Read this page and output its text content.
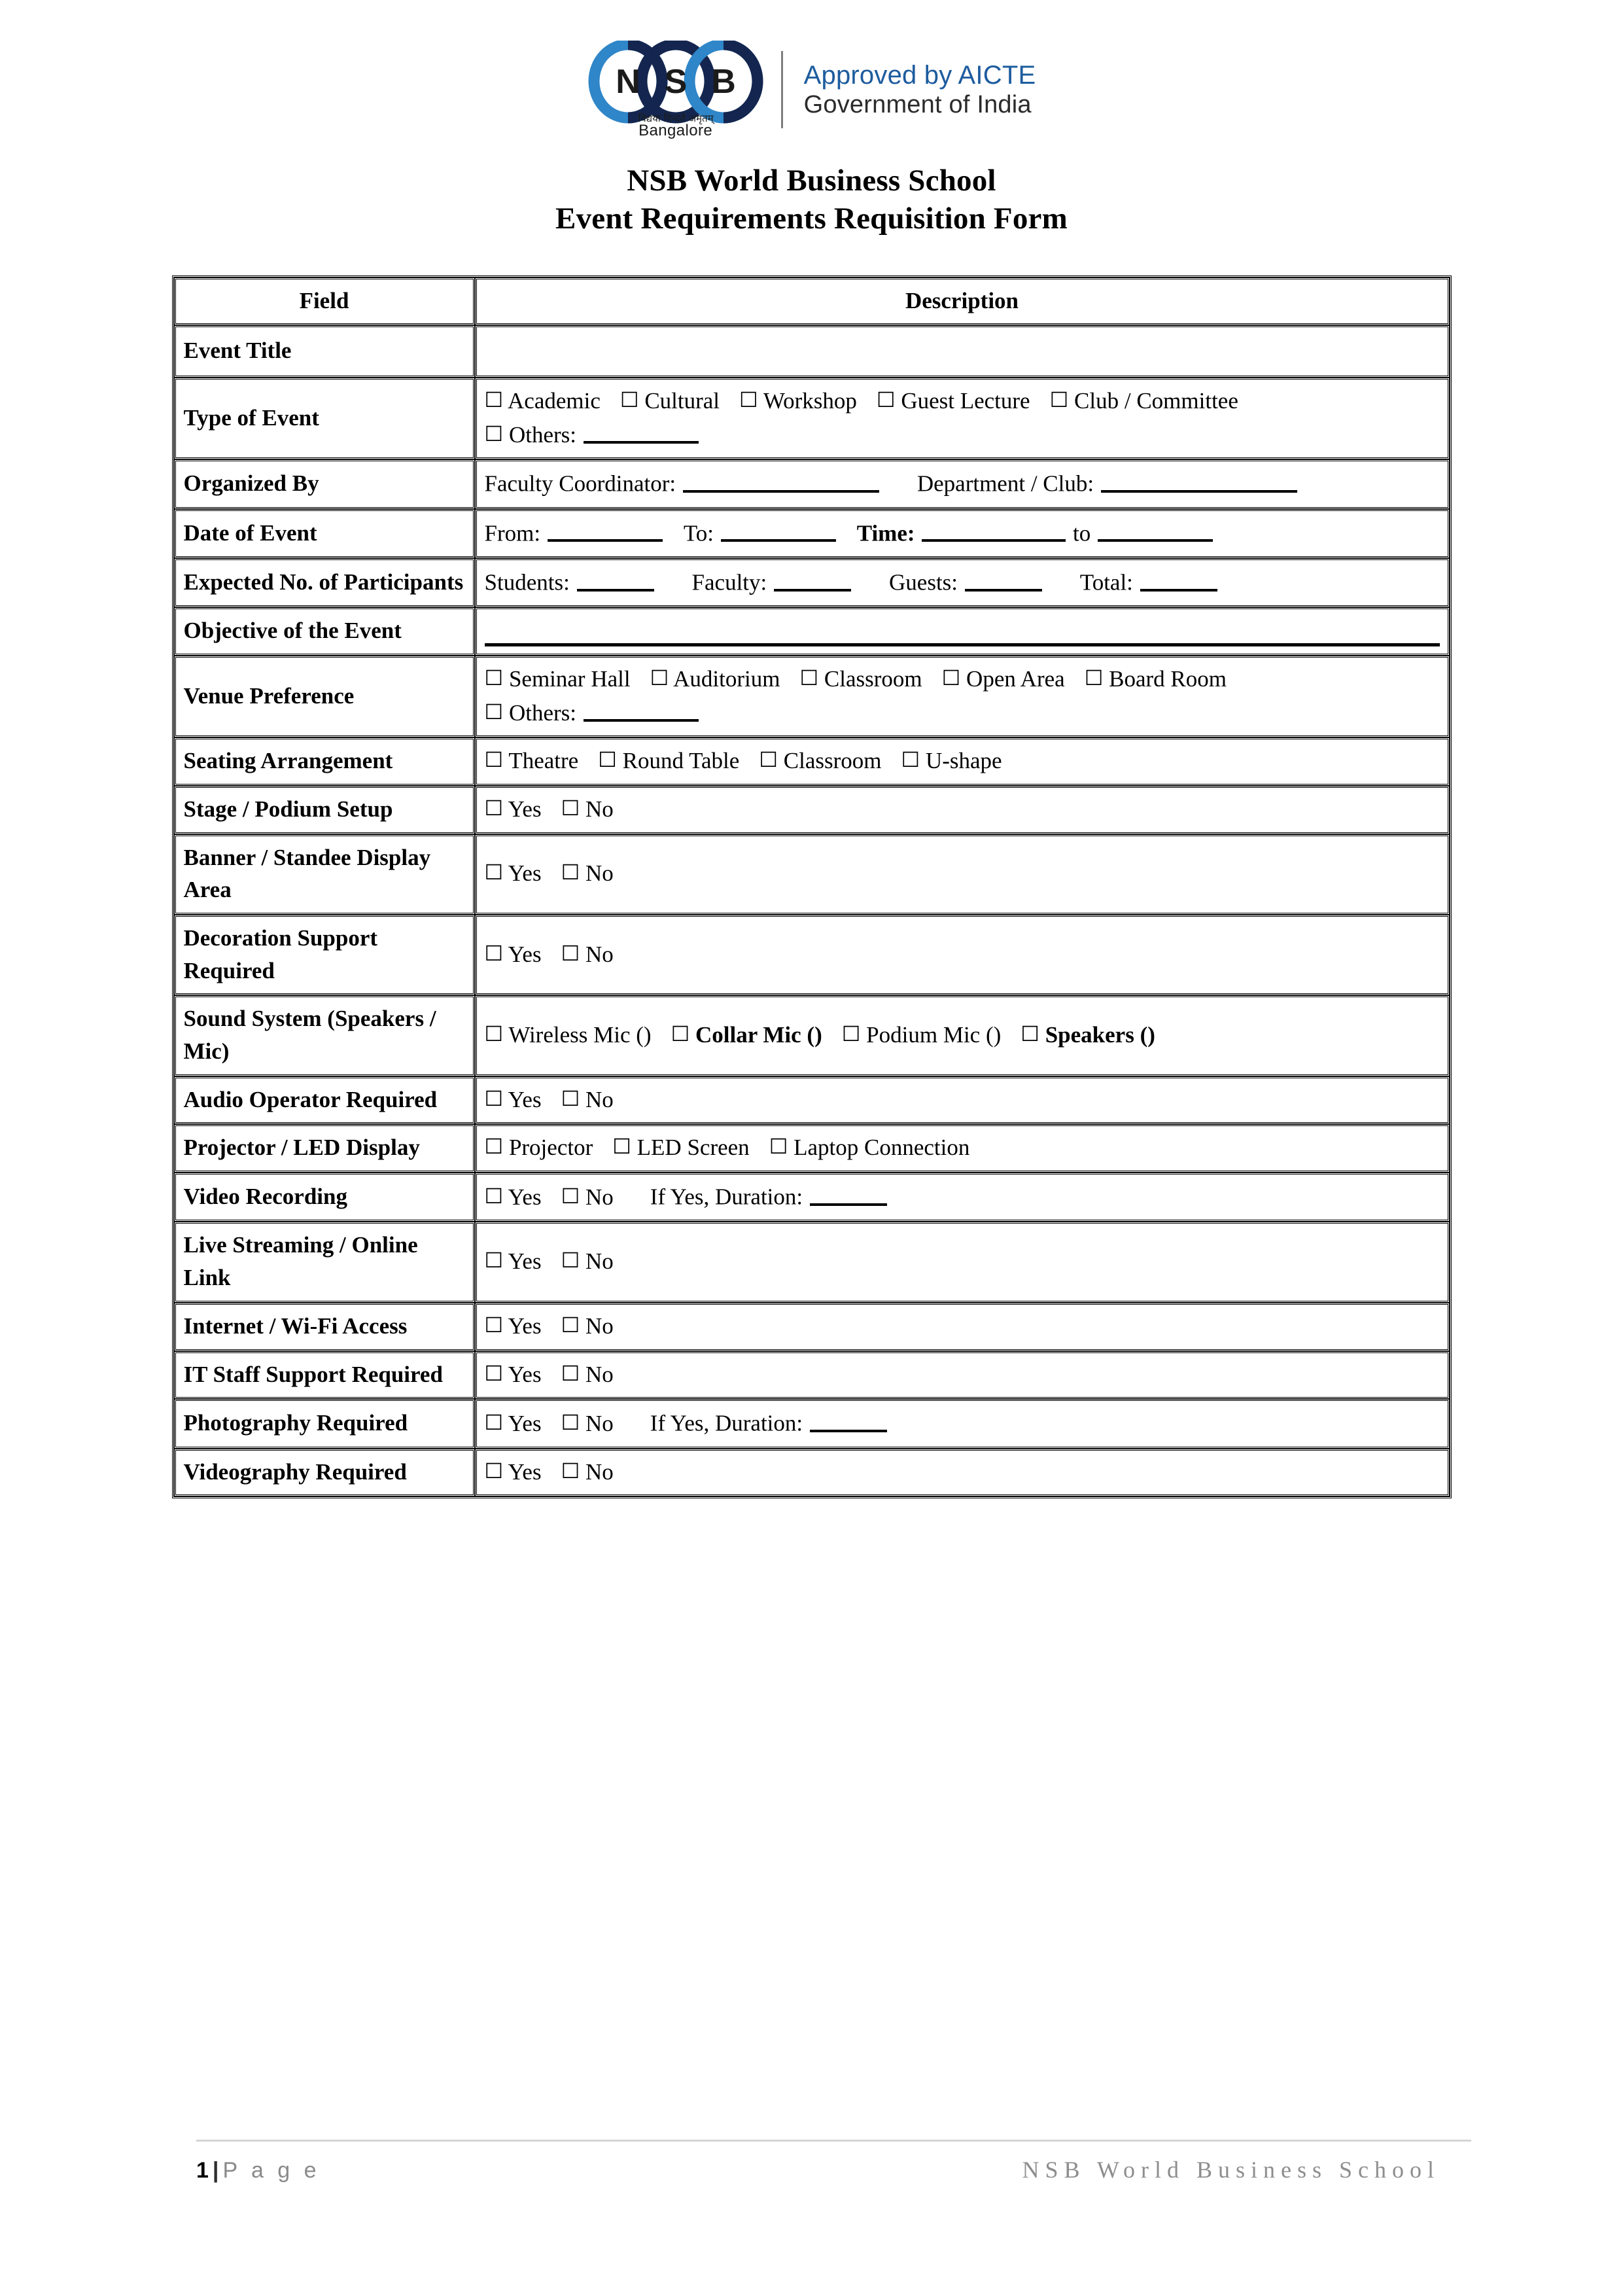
N S B
विद्यया विन्दते अमृतम्
Bangalore
Approved by AICTE
Government of India
NSB World Business School
Event Requirements Requisition Form
Field	Description
Event Title	
Type of Event	☐ Academic ☐ Cultural ☐ Workshop ☐ Guest Lecture ☐ Club / Committee☐ Others:
Organized By	Faculty Coordinator: Department / Club:
Date of Event	From: To: Time: to
Expected No. of Participants	Students: Faculty: Guests: Total:
Objective of the Event	

Venue Preference	☐ Seminar Hall ☐ Auditorium ☐ Classroom ☐ Open Area ☐ Board Room☐ Others:
Seating Arrangement	☐ Theatre ☐ Round Table ☐ Classroom ☐ U-shape
Stage / Podium Setup	☐ Yes ☐ No
Banner / Standee Display Area	☐ Yes ☐ No
Decoration Support Required	☐ Yes ☐ No
Sound System (Speakers / Mic)	☐ Wireless Mic () ☐ Collar Mic () ☐ Podium Mic () ☐ Speakers ()
Audio Operator Required	☐ Yes ☐ No
Projector / LED Display	☐ Projector ☐ LED Screen ☐ Laptop Connection
Video Recording	☐ Yes ☐ No If Yes, Duration:
Live Streaming / Online Link	☐ Yes ☐ No
Internet / Wi-Fi Access	☐ Yes ☐ No
IT Staff Support Required	☐ Yes ☐ No
Photography Required	☐ Yes ☐ No If Yes, Duration:
Videography Required	☐ Yes ☐ No
1 | P a g e	NSB World Business School
